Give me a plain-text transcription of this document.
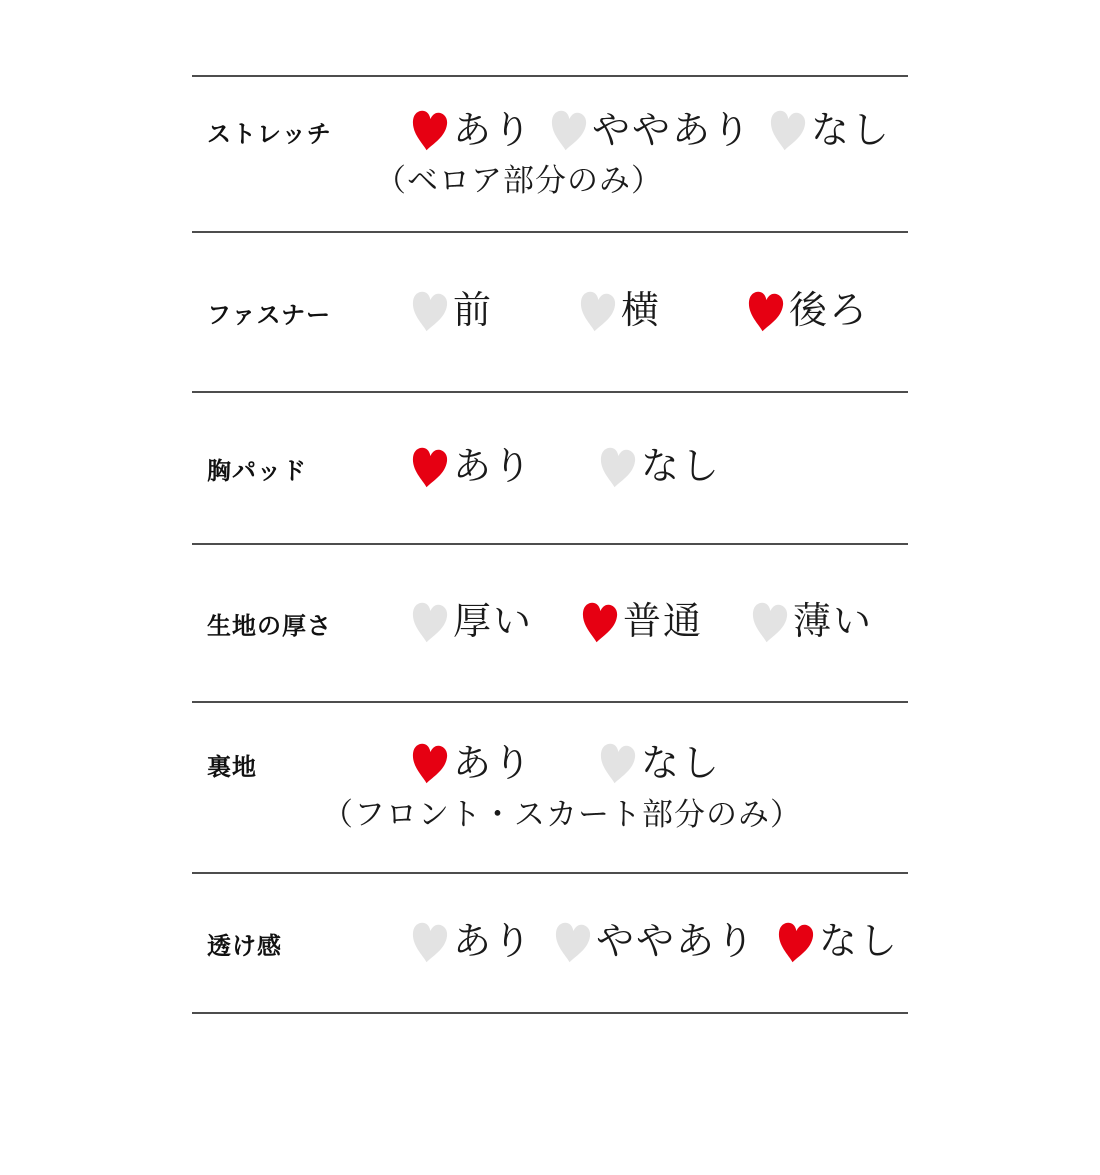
ストレッチ	あり ややあり なし
（ベロア部分のみ）
ファスナー	前	横	後ろ
胸パッド	あり	なし
生地の厚さ	厚い 普通 薄い
裏地	あり	なし
（フロント・スカート部分のみ）
透け感	あり ややあり なし
